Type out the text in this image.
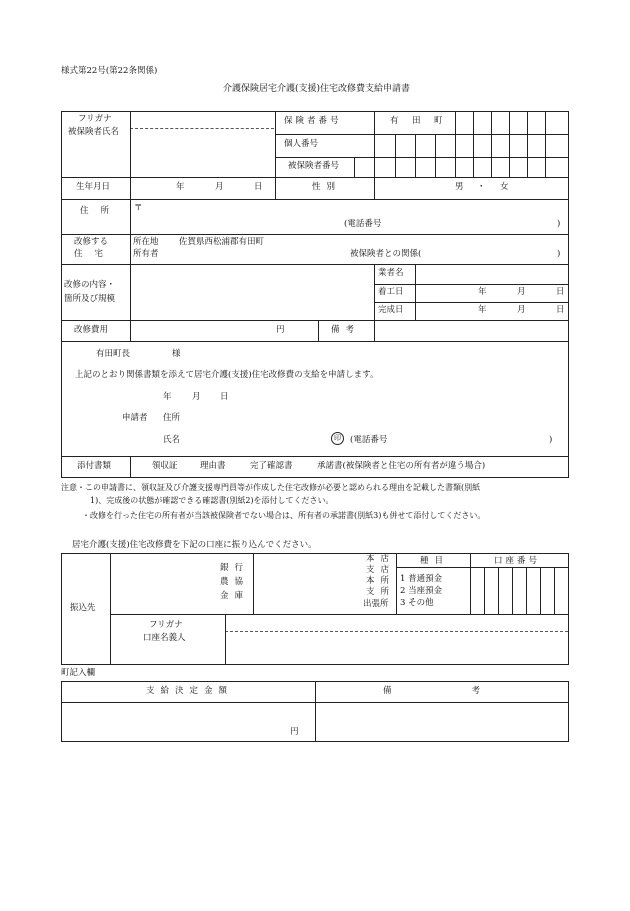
様式第22号(第22条関係)
介護保険居宅介護(支援)住宅改修費支給申請書
フリガナ
被保険者氏名
保険者番号	有 田 町
個人番号
被保険者番号
生年月日	年	月	日	性別	男 ・ 女
住所 〒
(電話番号	)
改修する
住宅
所在地 佐賀県西松浦郡有田町
所有者	被保険者との関係(	)
改修の内容・
箇所及び規模
業者名
着工日	年	月	日
完成日	年	月	日
改修費用	円	備考
有田町長	様
上記のとおり関係書類を添えて居宅介護(支援)住宅改修費の支給を申請します。
年 月 日
申請者 住所
氏名	印	(電話番号	)
添付書類	領収証	理由書	完了確認書	承諾書(被保険者と住宅の所有者が違う場合)
注意・この申請書に、領収証及び介護支援専門員等が作成した住宅改修が必要と認められる理由を記載した書類(別紙
1)、完成後の状態が確認できる確認書(別紙2)を添付してください。
・改修を行った住宅の所有者が当該被保険者でない場合は、所有者の承諾書(別紙3)も併せて添付してください。
居宅介護(支援)住宅改修費を下記の口座に振り込んでください。
振込先
銀行
農協
金庫
本店
支店
本所
支所
出張所
種目	口座番号
1 普通預金
2 当座預金
3 その他
フリガナ
口座名義人
町記入欄
支給決定金額	備考
円
